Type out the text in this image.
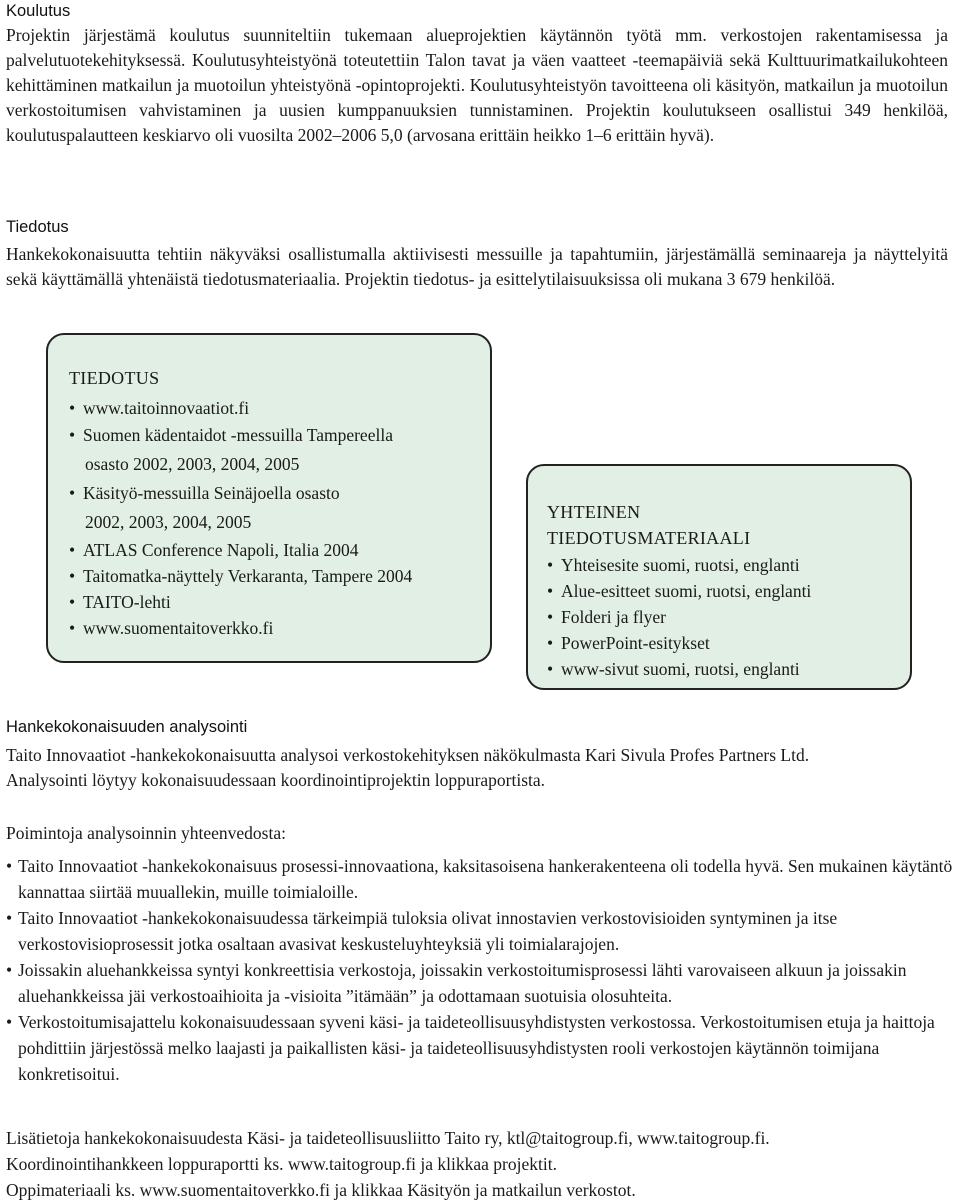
Koulutus

Projektin järjestämä koulutus suunniteltiin tukemaan alueprojektien käytännön työtä mm. verkostojen rakentamisessa ja palvelutuotekehityksessä. Koulutusyhteistyönä toteutettiin Talon tavat ja väen vaatteet -teemapäiviä sekä Kulttuurimatkailukohteen kehittäminen matkailun ja muotoilun yhteistyönä -opintoprojekti. Koulutusyhteistyön tavoitteena oli käsityön, matkailun ja muotoilun verkostoitumisen vahvistaminen ja uusien kumppanuuksien tunnistaminen. Projektin koulutukseen osallistui 349 henkilöä, koulutuspalautteen keskiarvo oli vuosilta 2002–2006 5,0 (arvosana erittäin heikko 1–6 erittäin hyvä).

Tiedotus

Hankekokonaisuutta tehtiin näkyväksi osallistumalla aktiivisesti messuille ja tapahtumiin, järjestämällä seminaareja ja näyttelyitä sekä käyttämällä yhtenäistä tiedotusmateriaalia. Projektin tiedotus- ja esittelytilaisuuksissa oli mukana 3 679 henkilöä.

TIEDOTUS

• www.taitoinnovaatiot.fi
• Suomen kädentaidot -messuilla Tampereella
osasto 2002, 2003, 2004, 2005
• Käsityö-messuilla Seinäjoella osasto
2002, 2003, 2004, 2005
• ATLAS Conference Napoli, Italia 2004
• Taitomatka-näyttely Verkaranta, Tampere 2004
• TAITO-lehti
• www.suomentaitoverkko.fi

YHTEINEN
TIEDOTUSMATERIAALI

• Yhteisesite suomi, ruotsi, englanti
• Alue-esitteet suomi, ruotsi, englanti
• Folderi ja flyer
• PowerPoint-esitykset
• www-sivut suomi, ruotsi, englanti
Hankekokonaisuuden analysointi

Taito Innovaatiot -hankekokonaisuutta analysoi verkostokehityksen näkökulmasta Kari Sivula Profes Partners Ltd.

Analysointi löytyy kokonaisuudessaan koordinointiprojektin loppuraportista.

Poimintoja analysoinnin yhteenvedosta:

• Taito Innovaatiot -hankekokonaisuus prosessi-innovaationa, kaksitasoisena hankerakenteena oli todella hyvä. Sen mukainen käytäntö kannattaa siirtää muuallekin, muille toimialoille.
• Taito Innovaatiot -hankekokonaisuudessa tärkeimpiä tuloksia olivat innostavien verkostovisioiden syntyminen ja itse verkostovisioprosessit jotka osaltaan avasivat keskusteluyhteyksiä yli toimialarajojen.
• Joissakin aluehankkeissa syntyi konkreettisia verkostoja, joissakin verkostoitumisprosessi lähti varovaiseen alkuun ja joissakin aluehankkeissa jäi verkostoaihioita ja -visioita ”itämään” ja odottamaan suotuisia olosuhteita.
• Verkostoitumisajattelu kokonaisuudessaan syveni käsi- ja taideteollisuusyhdistysten verkostossa. Verkostoitumisen etuja ja haittoja pohdittiin järjestössä melko laajasti ja paikallisten käsi- ja taideteollisuusyhdistysten rooli verkostojen käytännön toimijana konkretisoitui.

Lisätietoja hankekokonaisuudesta Käsi- ja taideteollisuusliitto Taito ry, ktl@taitogroup.fi, www.taitogroup.fi.

Koordinointihankkeen loppuraportti ks. www.taitogroup.fi ja klikkaa projektit.

Oppimateriaali ks. www.suomentaitoverkko.fi ja klikkaa Käsityön ja matkailun verkostot.
